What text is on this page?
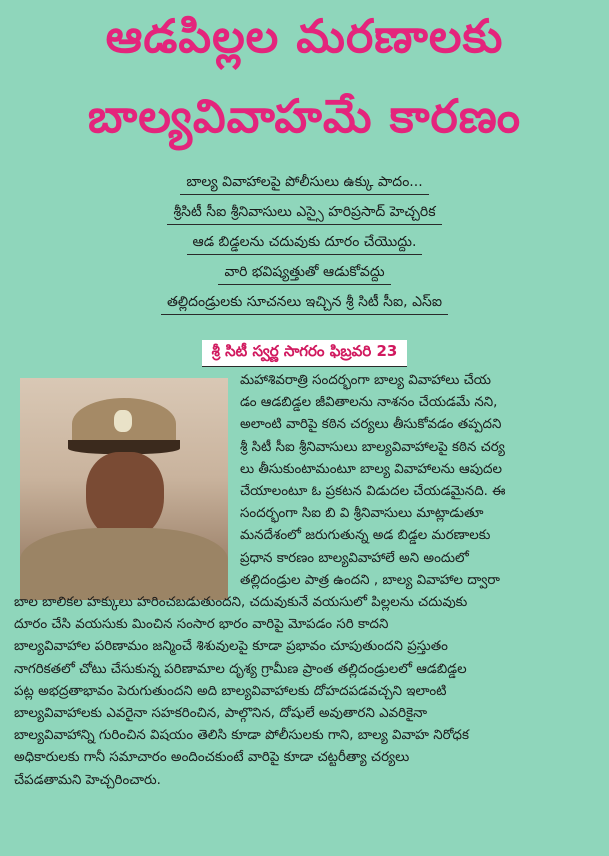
ఆడపిల్లల మరణాలకు
బాల్యవివాహమే కారణం
బాల్య వివాహాలపై పోలీసులు ఉక్కు పాదం...
శ్రీసిటీ సీఐ శ్రీనివాసులు ఎస్సై హరిప్రసాద్ హెచ్చరిక
ఆడ బిడ్డలను చదువుకు దూరం చేయొద్దు.
వారి భవిష్యత్తుతో ఆడుకోవద్దు
తల్లిదండ్రులకు సూచనలు ఇచ్చిన శ్రీ సిటీ సీఐ, ఎస్ఐ
శ్రీ సిటీ స్వర్ణ సాగరం ఫిబ్రవరి 23
మహాశివరాత్రి సందర్భంగా బాల్య వివాహాలు చేయ
డం ఆడబిడ్డల జీవితాలను నాశనం చేయడమే నని,
అలాంటి వారిపై కఠిన చర్యలు తీసుకోవడం తప్పదని
శ్రీ సిటీ సీఐ శ్రీనివాసులు బాల్యవివాహాలపై కఠిన చర్య
లు తీసుకుంటామంటూ బాల్య వివాహాలను ఆపుదల
చేయాలంటూ ఓ ప్రకటన విడుదల చేయడమైనది. ఈ
సందర్భంగా సిఐ బి వి శ్రీనివాసులు మాట్లాడుతూ
మనదేశంలో జరుగుతున్న అడ బిడ్డల మరణాలకు
ప్రధాన కారణం బాల్యవివాహాలే అని అందులో
తల్లిదండ్రుల పాత్ర ఉందని , బాల్య వివాహాల ద్వారా
బాల బాలికల హక్కులు హరించబడుతుందని, చదువుకునే వయసులో పిల్లలను చదువుకు
దూరం చేసి వయసుకు మించిన సంసార భారం వారిపై మోపడం సరి కాదని
బాల్యవివాహాల పరిణామం జన్మించే శిశువులపై కూడా ప్రభావం చూపుతుందని ప్రస్తుతం
నాగరికతలో చోటు చేసుకున్న పరిణామాల దృశ్య గ్రామీణ ప్రాంత తల్లిదండ్రులలో ఆడబిడ్డల
పట్ల అభద్రతాభావం పెరుగుతుందని అది బాల్యవివాహాలకు దోహదపడవచ్చని ఇలాంటి
బాల్యవివాహాలకు ఎవరైనా సహకరించిన, పాల్గొనిన, దోషులే అవుతారని ఎవరికైనా
బాల్యవివాహాన్ని గురించిన విషయం తెలిసి కూడా పోలీసులకు గాని, బాల్య వివాహ నిరోధక
అధికారులకు గానీ సమాచారం అందించకుంటే వారిపై కూడా చట్టరీత్యా చర్యలు
చేపడతామని హెచ్చరించారు.
